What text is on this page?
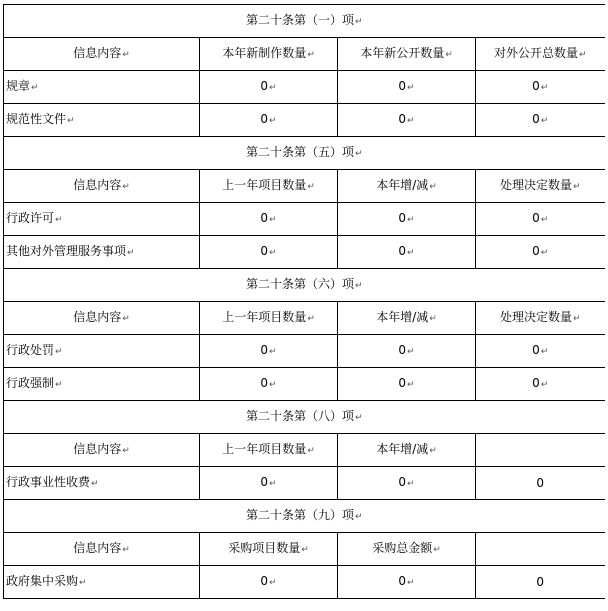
第二十条第（一）项↵			
信息内容↵	本年新制作数量↵	本年新公开数量↵	对外公开总数量↵
规章↵	0↵	0↵	0↵
规范性文件↵	0↵	0↵	0↵
第二十条第（五）项↵			
信息内容↵	上一年项目数量↵	本年增/减↵	处理决定数量↵
行政许可↵	0↵	0↵	0↵
其他对外管理服务事项↵	0↵	0↵	0↵
第二十条第（六）项↵			
信息内容↵	上一年项目数量↵	本年增/减↵	处理决定数量↵
行政处罚↵	0↵	0↵	0↵
行政强制↵	0↵	0↵	0↵
第二十条第（八）项↵			
信息内容↵	上一年项目数量↵	本年增/减↵	
行政事业性收费↵	0↵	0↵	0
第二十条第（九）项↵			
信息内容↵	采购项目数量↵	采购总金额↵	
政府集中采购↵	0↵	0↵	0
